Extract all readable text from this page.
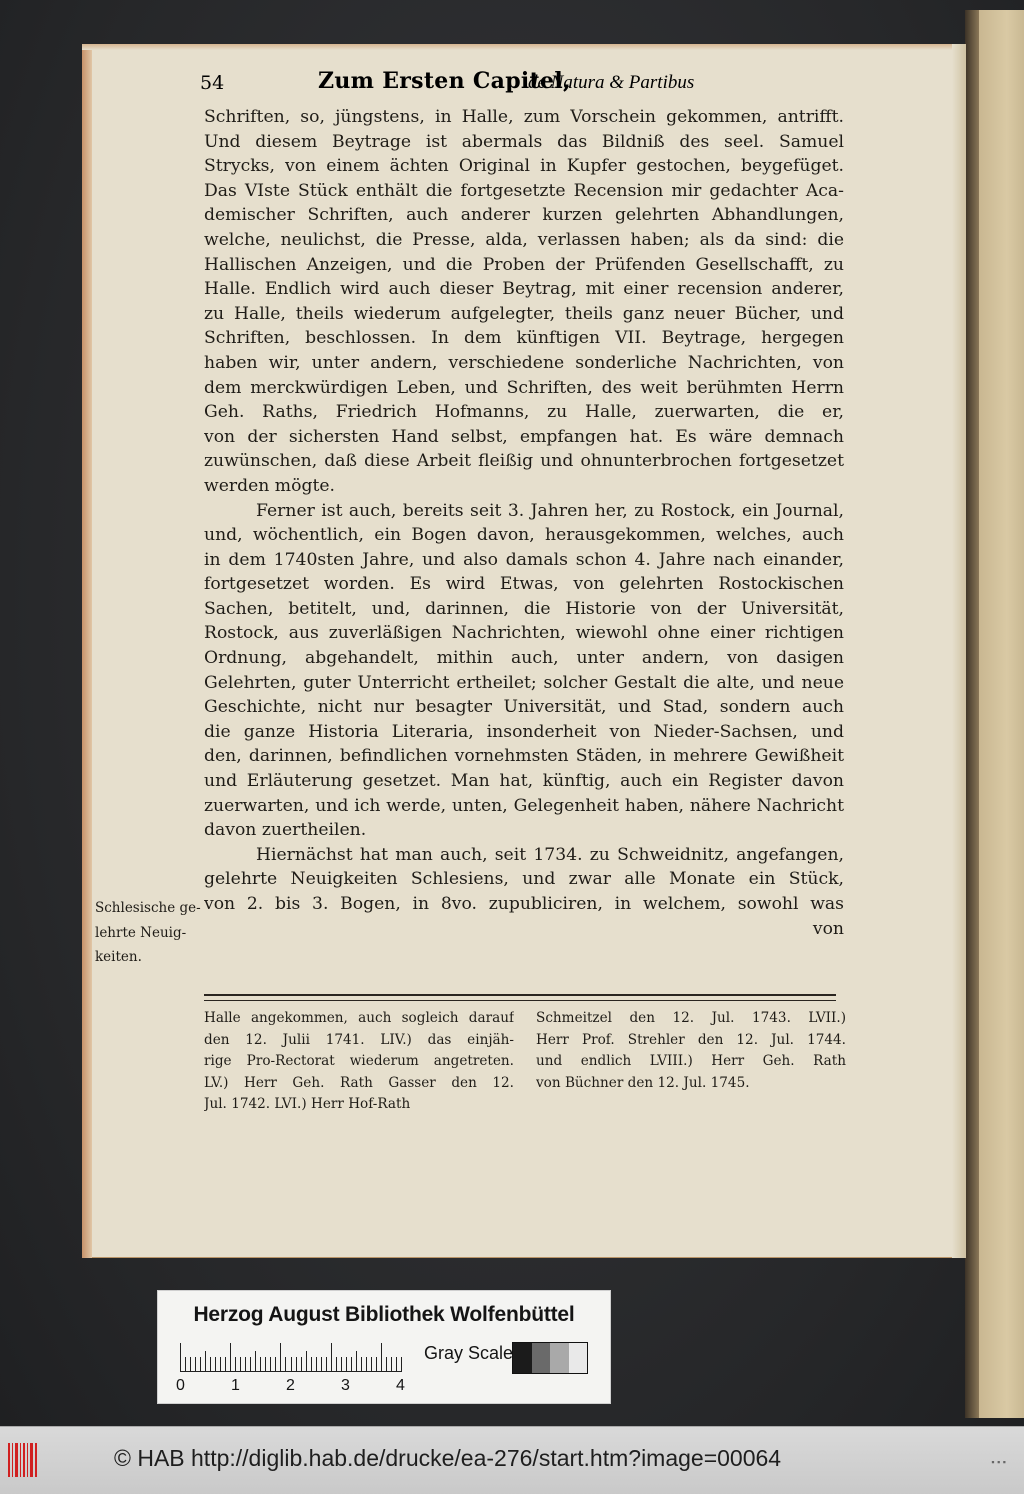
54	Zum Ersten Capitel,
de Natura & Partibus
Schriften, so, jüngstens, in Halle, zum Vorschein gekommen, antrifft.
Und diesem Beytrage ist abermals das Bildniß des seel. Samuel
Strycks, von einem ächten Original in Kupfer gestochen, beygefüget.
Das VIste Stück enthält die fortgesetzte Recension mir gedachter Aca-
demischer Schriften, auch anderer kurzen gelehrten Abhandlungen,
welche, neulichst, die Presse, alda, verlassen haben; als da sind: die
Hallischen Anzeigen, und die Proben der Prüfenden Gesellschafft, zu
Halle. Endlich wird auch dieser Beytrag, mit einer recension anderer,
zu Halle, theils wiederum aufgelegter, theils ganz neuer Bücher, und
Schriften, beschlossen. In dem künftigen VII. Beytrage, hergegen
haben wir, unter andern, verschiedene sonderliche Nachrichten, von
dem merckwürdigen Leben, und Schriften, des weit berühmten Herrn
Geh. Raths, Friedrich Hofmanns, zu Halle, zuerwarten, die er,
von der sichersten Hand selbst, empfangen hat. Es wäre demnach
zuwünschen, daß diese Arbeit fleißig und ohnunterbrochen fortgesetzet
werden mögte.
Ferner ist auch, bereits seit 3. Jahren her, zu Rostock, ein Journal,
und, wöchentlich, ein Bogen davon, herausgekommen, welches, auch
in dem 1740sten Jahre, und also damals schon 4. Jahre nach einander,
fortgesetzet worden. Es wird Etwas, von gelehrten Rostockischen
Sachen, betitelt, und, darinnen, die Historie von der Universität,
Rostock, aus zuverläßigen Nachrichten, wiewohl ohne einer richtigen
Ordnung, abgehandelt, mithin auch, unter andern, von dasigen
Gelehrten, guter Unterricht ertheilet; solcher Gestalt die alte, und neue
Geschichte, nicht nur besagter Universität, und Stad, sondern auch
die ganze Historia Literaria, insonderheit von Nieder-Sachsen, und
den, darinnen, befindlichen vornehmsten Städen, in mehrere Gewißheit
und Erläuterung gesetzet. Man hat, künftig, auch ein Register davon
zuerwarten, und ich werde, unten, Gelegenheit haben, nähere Nachricht
davon zuertheilen.
Hiernächst hat man auch, seit 1734. zu Schweidnitz, angefangen,
gelehrte Neuigkeiten Schlesiens, und zwar alle Monate ein Stück,
von 2. bis 3. Bogen, in 8vo. zupubliciren, in welchem, sowohl was
von
Schlesische ge-
lehrte Neuig-
keiten.
Halle angekommen, auch sogleich darauf
den 12. Julii 1741. LIV.) das einjäh-
rige Pro-Rectorat wiederum angetreten.
LV.) Herr Geh. Rath Gasser den 12.
Jul. 1742. LVI.) Herr Hof-Rath
Schmeitzel den 12. Jul. 1743. LVII.)
Herr Prof. Strehler den 12. Jul. 1744.
und endlich LVIII.) Herr Geh. Rath
von Büchner den 12. Jul. 1745.
Herzog August Bibliothek Wolfenbüttel
0	1	2	3	4
Gray Scale
© HAB http://diglib.hab.de/drucke/ea-276/start.htm?image=00064	▪ ▪ ▪
